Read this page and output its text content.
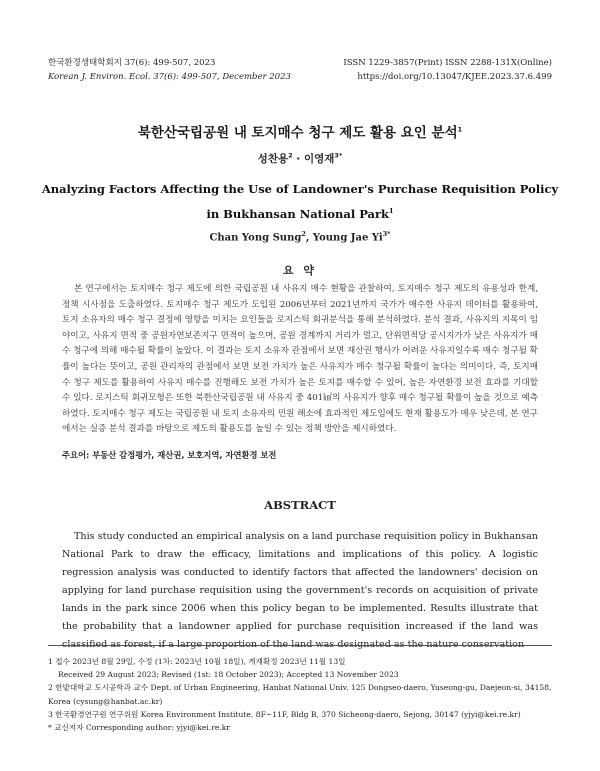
한국환경생태학회지 37(6): 499-507, 2023
Korean J. Environ. Ecol. 37(6): 499-507, December 2023
ISSN 1229-3857(Print) ISSN 2288-131X(Online)
https://doi.org/10.13047/KJEE.2023.37.6.499
북한산국립공원 내 토지매수 청구 제도 활용 요인 분석$^1$
성찬용$^2$ · 이영재$^{3*}$
Analyzing Factors Affecting the Use of Landowner's Purchase Requisition Policy in Bukhansan National Park$^1$
Chan Yong Sung$^2$, Young Jae $Yi^{3*}$
요 약
본 연구에서는 토지매수 청구 제도에 의한 국립공원 내 사유지 매수 현황을 관찰하여, 토지매수 청구 제도의 유용성과 한계, 정책 시사점을 도출하였다. 토지매수 청구 제도가 도입된 2006년부터 2021년까지 국가가 매수한 사유지 데이터를 활용하여, 토지 소유자의 매수 청구 결정에 영향을 미치는 요인들을 로지스틱 회귀분석을 통해 분석하였다. 분석 결과, 사유지의 지목이 임야이고, 사유지 면적 중 공원자연보존지구 면적이 높으며, 공원 경계까지 거리가 멀고, 단위면적당 공시지가가 낮은 사유지가 매수 청구에 의해 매수될 확률이 높았다. 이 결과는 토지 소유자 관점에서 보면 재산권 행사가 어려운 사유지일수록 매수 청구될 확률이 높다는 뜻이고, 공원 관리자의 관점에서 보면 보전 가치가 높은 사유지가 매수 청구될 확률이 높다는 의미이다. 즉, 토지매수 청구 제도를 활용하여 사유지 매수를 진행해도 보전 가치가 높은 토지를 매수할 수 있어, 높은 자연환경 보전 효과를 기대할 수 있다. 로지스틱 회귀모형은 또한 북한산국립공원 내 사유지 중 401㎢의 사유지가 향후 매수 청구될 확률이 높을 것으로 예측하였다. 토지매수 청구 제도는 국립공원 내 토지 소유자의 민원 해소에 효과적인 제도임에도 현재 활용도가 매우 낮은데, 본 연구에서는 실증 분석 결과를 바탕으로 제도의 활용도를 높일 수 있는 정책 방안을 제시하였다.
주요어: 부동산 감정평가, 재산권, 보호지역, 자연환경 보전
ABSTRACT
This study conducted an empirical analysis on a land purchase requisition policy in Bukhansan National Park to draw the efficacy, limitations and implications of this policy. A logistic regression analysis was conducted to identify factors that affected the landowners' decision on applying for land purchase requisition using the government's records on acquisition of private lands in the park since 2006 when this policy began to be implemented. Results illustrate that the probability that a landowner applied for purchase requisition increased if the land was classified as forest, if a large proportion of the land was designated as the nature conservation
1 접수 2023년 8월 29일, 수정 (1차: 2023년 10월 18일), 게재확정 2023년 11월 13일
Received 29 August 2023; Revised (1st: 18 October 2023); Accepted 13 November 2023
2 한밭대학교 도시공학과 교수 Dept. of Urban Engineering, Hanbat National Univ. 125 Dongseo-daero, Yuseong-gu, Daejeon-si, 34158, Korea (cysung@hanbat.ac.kr)
3 한국환경연구원 연구위원 Korea Environment Institute. 8F~11F, Bldg B, 370 Sicheong-daero, Sejong, 30147 (yjyi@kei.re.kr)
* 교신저자 Corresponding author: yjyi@kei.re.kr
